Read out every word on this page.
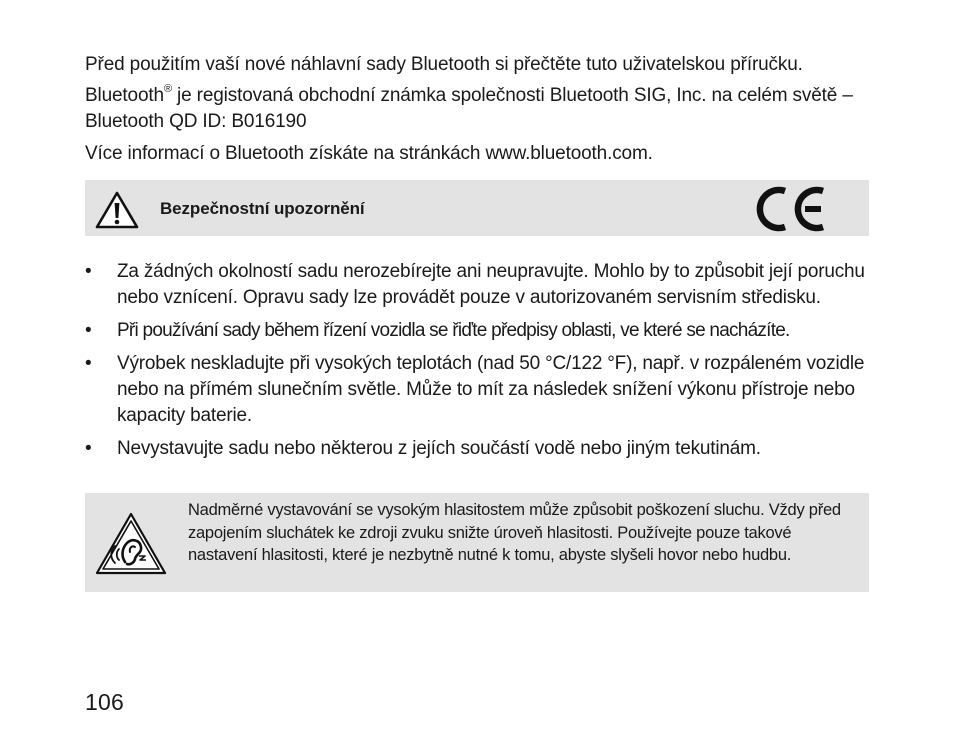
Před použitím vaší nové náhlavní sady Bluetooth si přečtěte tuto uživatelskou příručku.

Bluetooth® je registovaná obchodní známka společnosti Bluetooth SIG, Inc. na celém světě – Bluetooth QD ID: B016190

Více informací o Bluetooth získáte na stránkách www.bluetooth.com.

Bezpečnostní upozornění
• Za žádných okolností sadu nerozebírejte ani neupravujte. Mohlo by to způsobit její poruchu nebo vznícení. Opravu sady lze provádět pouze v autorizovaném servisním středisku.
• Při používání sady během řízení vozidla se řiďte předpisy oblasti, ve které se nacházíte.
• Výrobek neskladujte při vysokých teplotách (nad 50 °C/122 °F), např. v rozpáleném vozidle nebo na přímém slunečním světle. Může to mít za následek snížení výkonu přístroje nebo kapacity baterie.
• Nevystavujte sadu nebo některou z jejích součástí vodě nebo jiným tekutinám.

Nadměrné vystavování se vysokým hlasitostem může způsobit poškození sluchu. Vždy před zapojením sluchátek ke zdroji zvuku snižte úroveň hlasitosti. Používejte pouze takové nastavení hlasitosti, které je nezbytně nutné k tomu, abyste slyšeli hovor nebo hudbu.

106
